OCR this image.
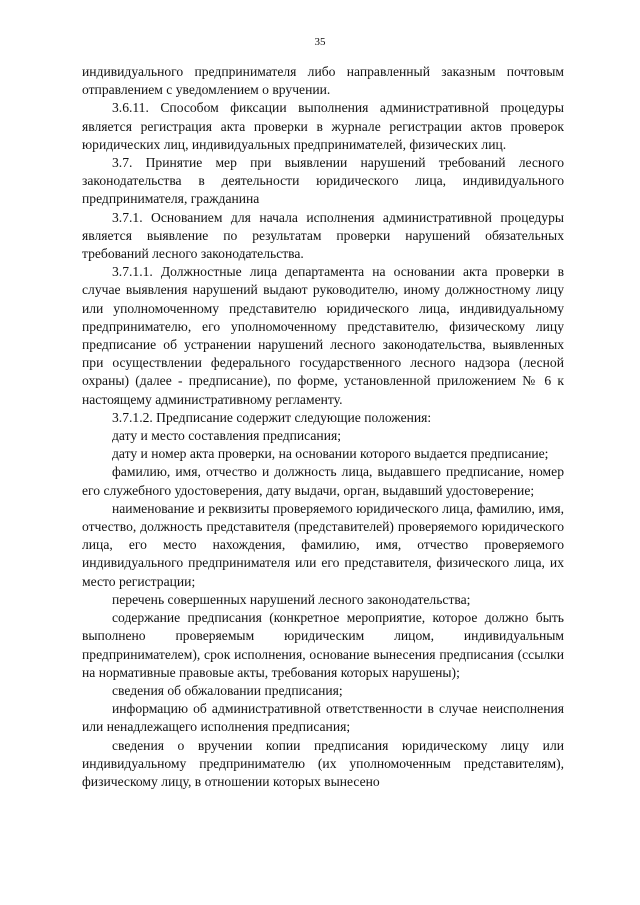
35

индивидуального предпринимателя либо направленный заказным почтовым отправлением с уведомлением о вручении.

3.6.11. Способом фиксации выполнения административной процедуры является регистрация акта проверки в журнале регистрации актов проверок юридических лиц, индивидуальных предпринимателей, физических лиц.

3.7. Принятие мер при выявлении нарушений требований лесного законодательства в деятельности юридического лица, индивидуального предпринимателя, гражданина

3.7.1. Основанием для начала исполнения административной процедуры является выявление по результатам проверки нарушений обязательных требований лесного законодательства.

3.7.1.1. Должностные лица департамента на основании акта проверки в случае выявления нарушений выдают руководителю, иному должностному лицу или уполномоченному представителю юридического лица, индивидуальному предпринимателю, его уполномоченному представителю, физическому лицу предписание об устранении нарушений лесного законодательства, выявленных при осуществлении федерального государственного лесного надзора (лесной охраны) (далее - предписание), по форме, установленной приложением № 6 к настоящему административному регламенту.

3.7.1.2. Предписание содержит следующие положения:

дату и место составления предписания;

дату и номер акта проверки, на основании которого выдается предписание;

фамилию, имя, отчество и должность лица, выдавшего предписание, номер его служебного удостоверения, дату выдачи, орган, выдавший удостоверение;

наименование и реквизиты проверяемого юридического лица, фамилию, имя, отчество, должность представителя (представителей) проверяемого юридического лица, его место нахождения, фамилию, имя, отчество проверяемого индивидуального предпринимателя или его представителя, физического лица, их место регистрации;

перечень совершенных нарушений лесного законодательства;

содержание предписания (конкретное мероприятие, которое должно быть выполнено проверяемым юридическим лицом, индивидуальным предпринимателем), срок исполнения, основание вынесения предписания (ссылки на нормативные правовые акты, требования которых нарушены);

сведения об обжаловании предписания;

информацию об административной ответственности в случае неисполнения или ненадлежащего исполнения предписания;

сведения о вручении копии предписания юридическому лицу или индивидуальному предпринимателю (их уполномоченным представителям), физическому лицу, в отношении которых вынесено
